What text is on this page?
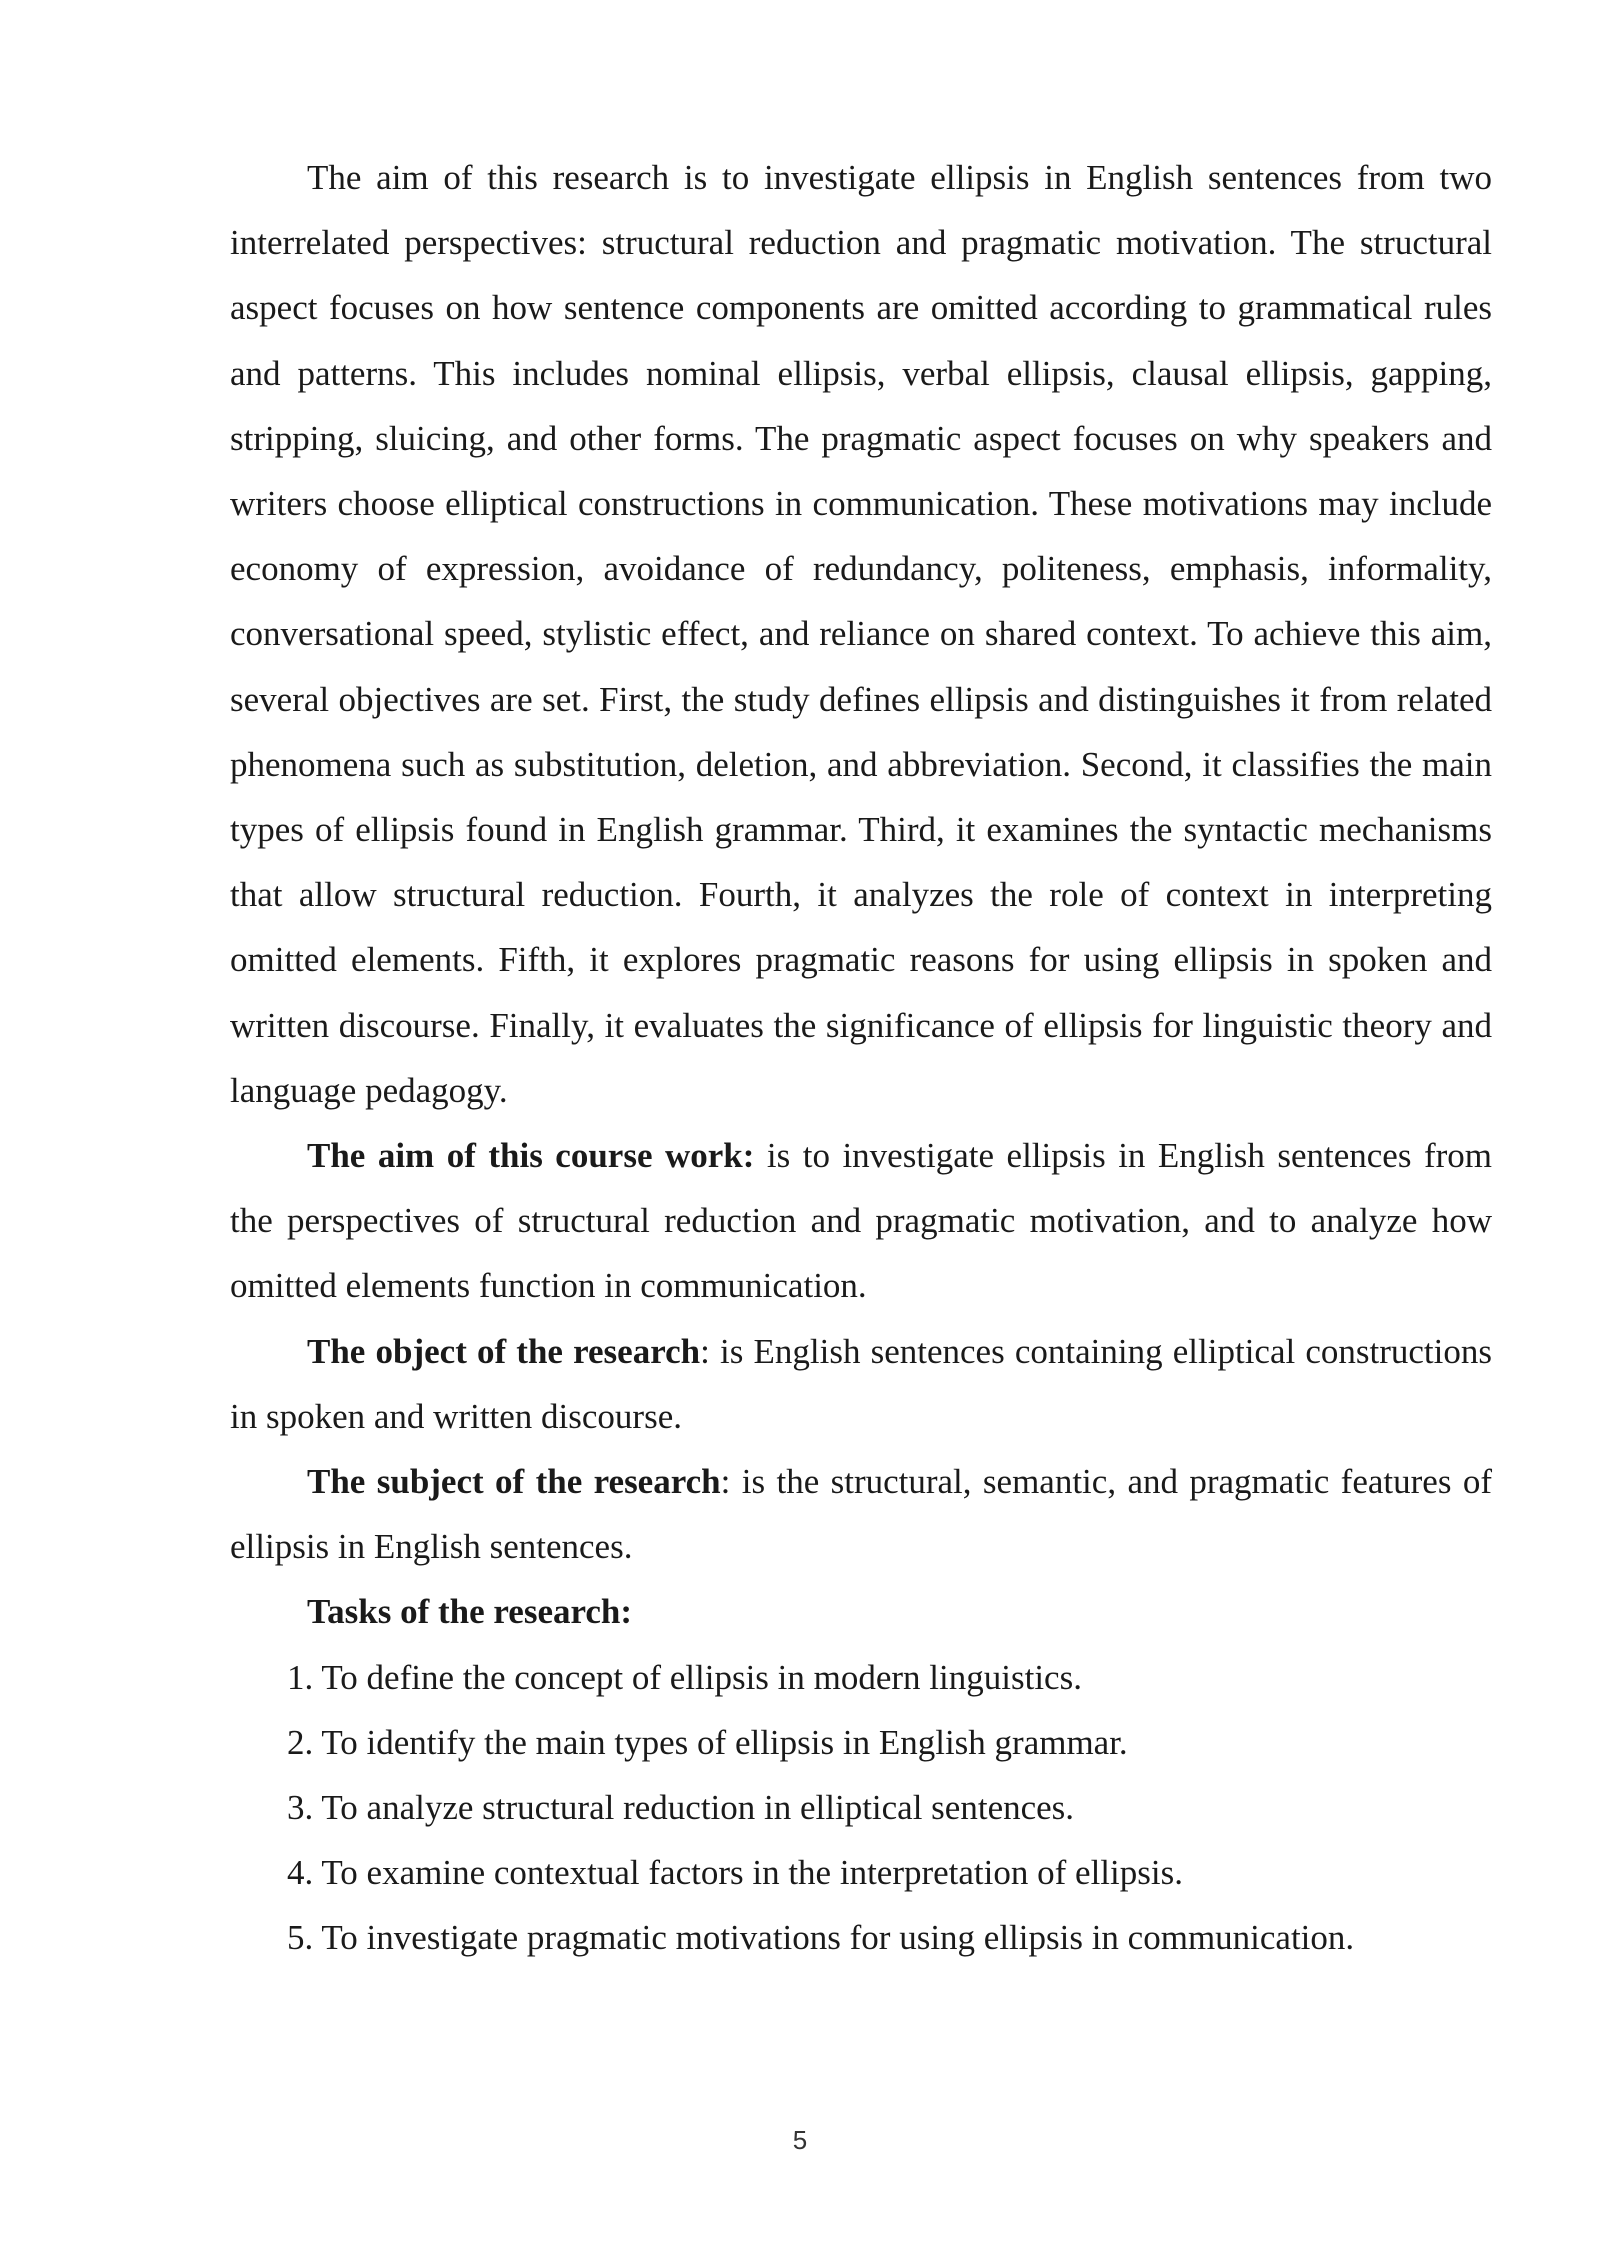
The aim of this research is to investigate ellipsis in English sentences from two interrelated perspectives: structural reduction and pragmatic motivation. The structural aspect focuses on how sentence components are omitted according to grammatical rules and patterns. This includes nominal ellipsis, verbal ellipsis, clausal ellipsis, gapping, stripping, sluicing, and other forms. The pragmatic aspect focuses on why speakers and writers choose elliptical constructions in communication. These motivations may include economy of expression, avoidance of redundancy, politeness, emphasis, informality, conversational speed, stylistic effect, and reliance on shared context. To achieve this aim, several objectives are set. First, the study defines ellipsis and distinguishes it from related phenomena such as substitution, deletion, and abbreviation. Second, it classifies the main types of ellipsis found in English grammar. Third, it examines the syntactic mechanisms that allow structural reduction. Fourth, it analyzes the role of context in interpreting omitted elements. Fifth, it explores pragmatic reasons for using ellipsis in spoken and written discourse. Finally, it evaluates the significance of ellipsis for linguistic theory and language pedagogy.

The aim of this course work: is to investigate ellipsis in English sentences from the perspectives of structural reduction and pragmatic motivation, and to analyze how omitted elements function in communication.

The object of the research: is English sentences containing elliptical constructions in spoken and written discourse.

The subject of the research: is the structural, semantic, and pragmatic features of ellipsis in English sentences.

Tasks of the research:

1. To define the concept of ellipsis in modern linguistics.
2. To identify the main types of ellipsis in English grammar.
3. To analyze structural reduction in elliptical sentences.
4. To examine contextual factors in the interpretation of ellipsis.
5. To investigate pragmatic motivations for using ellipsis in communication.
5
